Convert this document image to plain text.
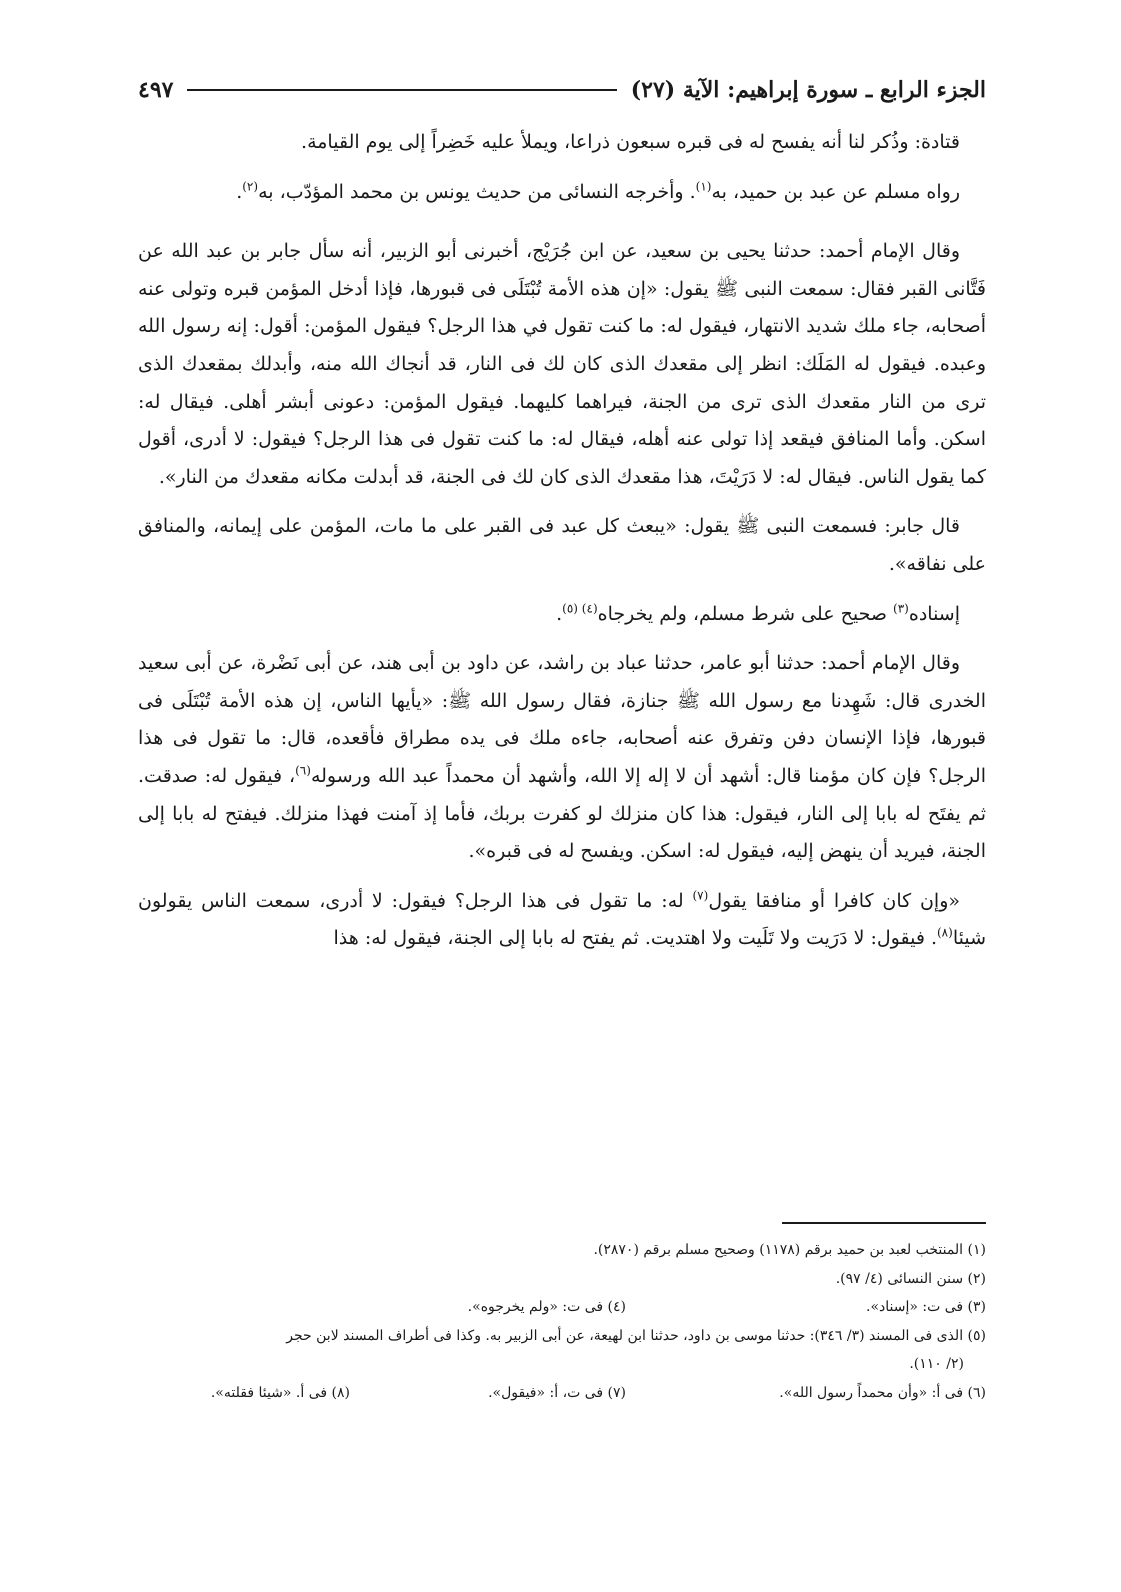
الجزء الرابع ـ سورة إبراهيم: الآية (٢٧)
٤٩٧

قتادة: وذُكر لنا أنه يفسح له فى قبره سبعون ذراعا، ويملأ عليه خَضِراً إلى يوم القيامة.

رواه مسلم عن عبد بن حميد، به$^{(١)}$. وأخرجه النسائى من حديث يونس بن محمد المؤدّب، به$^{(٢)}$.

وقال الإمام أحمد: حدثنا يحيى بن سعيد، عن ابن جُرَيْج، أخبرنى أبو الزبير، أنه سأل جابر بن عبد الله عن فَتَّانى القبر فقال: سمعت النبى ﷺ يقول: «إن هذه الأمة تُبْتَلَى فى قبورها، فإذا أدخل المؤمن قبره وتولى عنه أصحابه، جاء ملك شديد الانتهار، فيقول له: ما كنت تقول في هذا الرجل؟ فيقول المؤمن: أقول: إنه رسول الله وعبده. فيقول له المَلَك: انظر إلى مقعدك الذى كان لك فى النار، قد أنجاك الله منه، وأبدلك بمقعدك الذى ترى من النار مقعدك الذى ترى من الجنة، فيراهما كليهما. فيقول المؤمن: دعونى أبشر أهلى. فيقال له: اسكن. وأما المنافق فيقعد إذا تولى عنه أهله، فيقال له: ما كنت تقول فى هذا الرجل؟ فيقول: لا أدرى، أقول كما يقول الناس. فيقال له: لا دَرَيْتَ، هذا مقعدك الذى كان لك فى الجنة، قد أبدلت مكانه مقعدك من النار».

قال جابر: فسمعت النبى ﷺ يقول: «يبعث كل عبد فى القبر على ما مات، المؤمن على إيمانه، والمنافق على نفاقه».

إسناده$^{(٣)}$ صحيح على شرط مسلم، ولم يخرجاه$^{(٤) (٥)}$.

وقال الإمام أحمد: حدثنا أبو عامر، حدثنا عباد بن راشد، عن داود بن أبى هند، عن أبى نَضْرة، عن أبى سعيد الخدرى قال: شَهِدنا مع رسول الله ﷺ جنازة، فقال رسول الله ﷺ: «يأيها الناس، إن هذه الأمة تُبْتَلَى فى قبورها، فإذا الإنسان دفن وتفرق عنه أصحابه، جاءه ملك فى يده مطراق فأقعده، قال: ما تقول فى هذا الرجل؟ فإن كان مؤمنا قال: أشهد أن لا إله إلا الله، وأشهد أن محمداً عبد الله ورسوله$^{(٦)}$، فيقول له: صدقت. ثم يفتَح له بابا إلى النار، فيقول: هذا كان منزلك لو كفرت بربك، فأما إذ آمنت فهذا منزلك. فيفتح له بابا إلى الجنة، فيريد أن ينهض إليه، فيقول له: اسكن. ويفسح له فى قبره».

«وإن كان كافرا أو منافقا يقول$^{(٧)}$ له: ما تقول فى هذا الرجل؟ فيقول: لا أدرى، سمعت الناس يقولون شيئا$^{(٨)}$. فيقول: لا دَرَيت ولا تَلَيت ولا اهتديت. ثم يفتح له بابا إلى الجنة، فيقول له: هذا

(١) المنتخب لعبد بن حميد برقم (١١٧٨) وصحيح مسلم برقم (٢٨٧٠).

(٢) سنن النسائى (٤/ ٩٧).

(٣) فى ت: «إسناد».
(٤) فى ت: «ولم يخرجوه».

(٥) الذى فى المسند (٣/ ٣٤٦): حدثنا موسى بن داود، حدثنا ابن لهيعة، عن أبى الزبير به. وكذا فى أطراف المسند لابن حجر

(٢/ ١١٠).

(٦) فى أ: «وأن محمداً رسول الله».
(٧) فى ت، أ: «فيقول».
(٨) فى أ. «شيئا فقلته».
